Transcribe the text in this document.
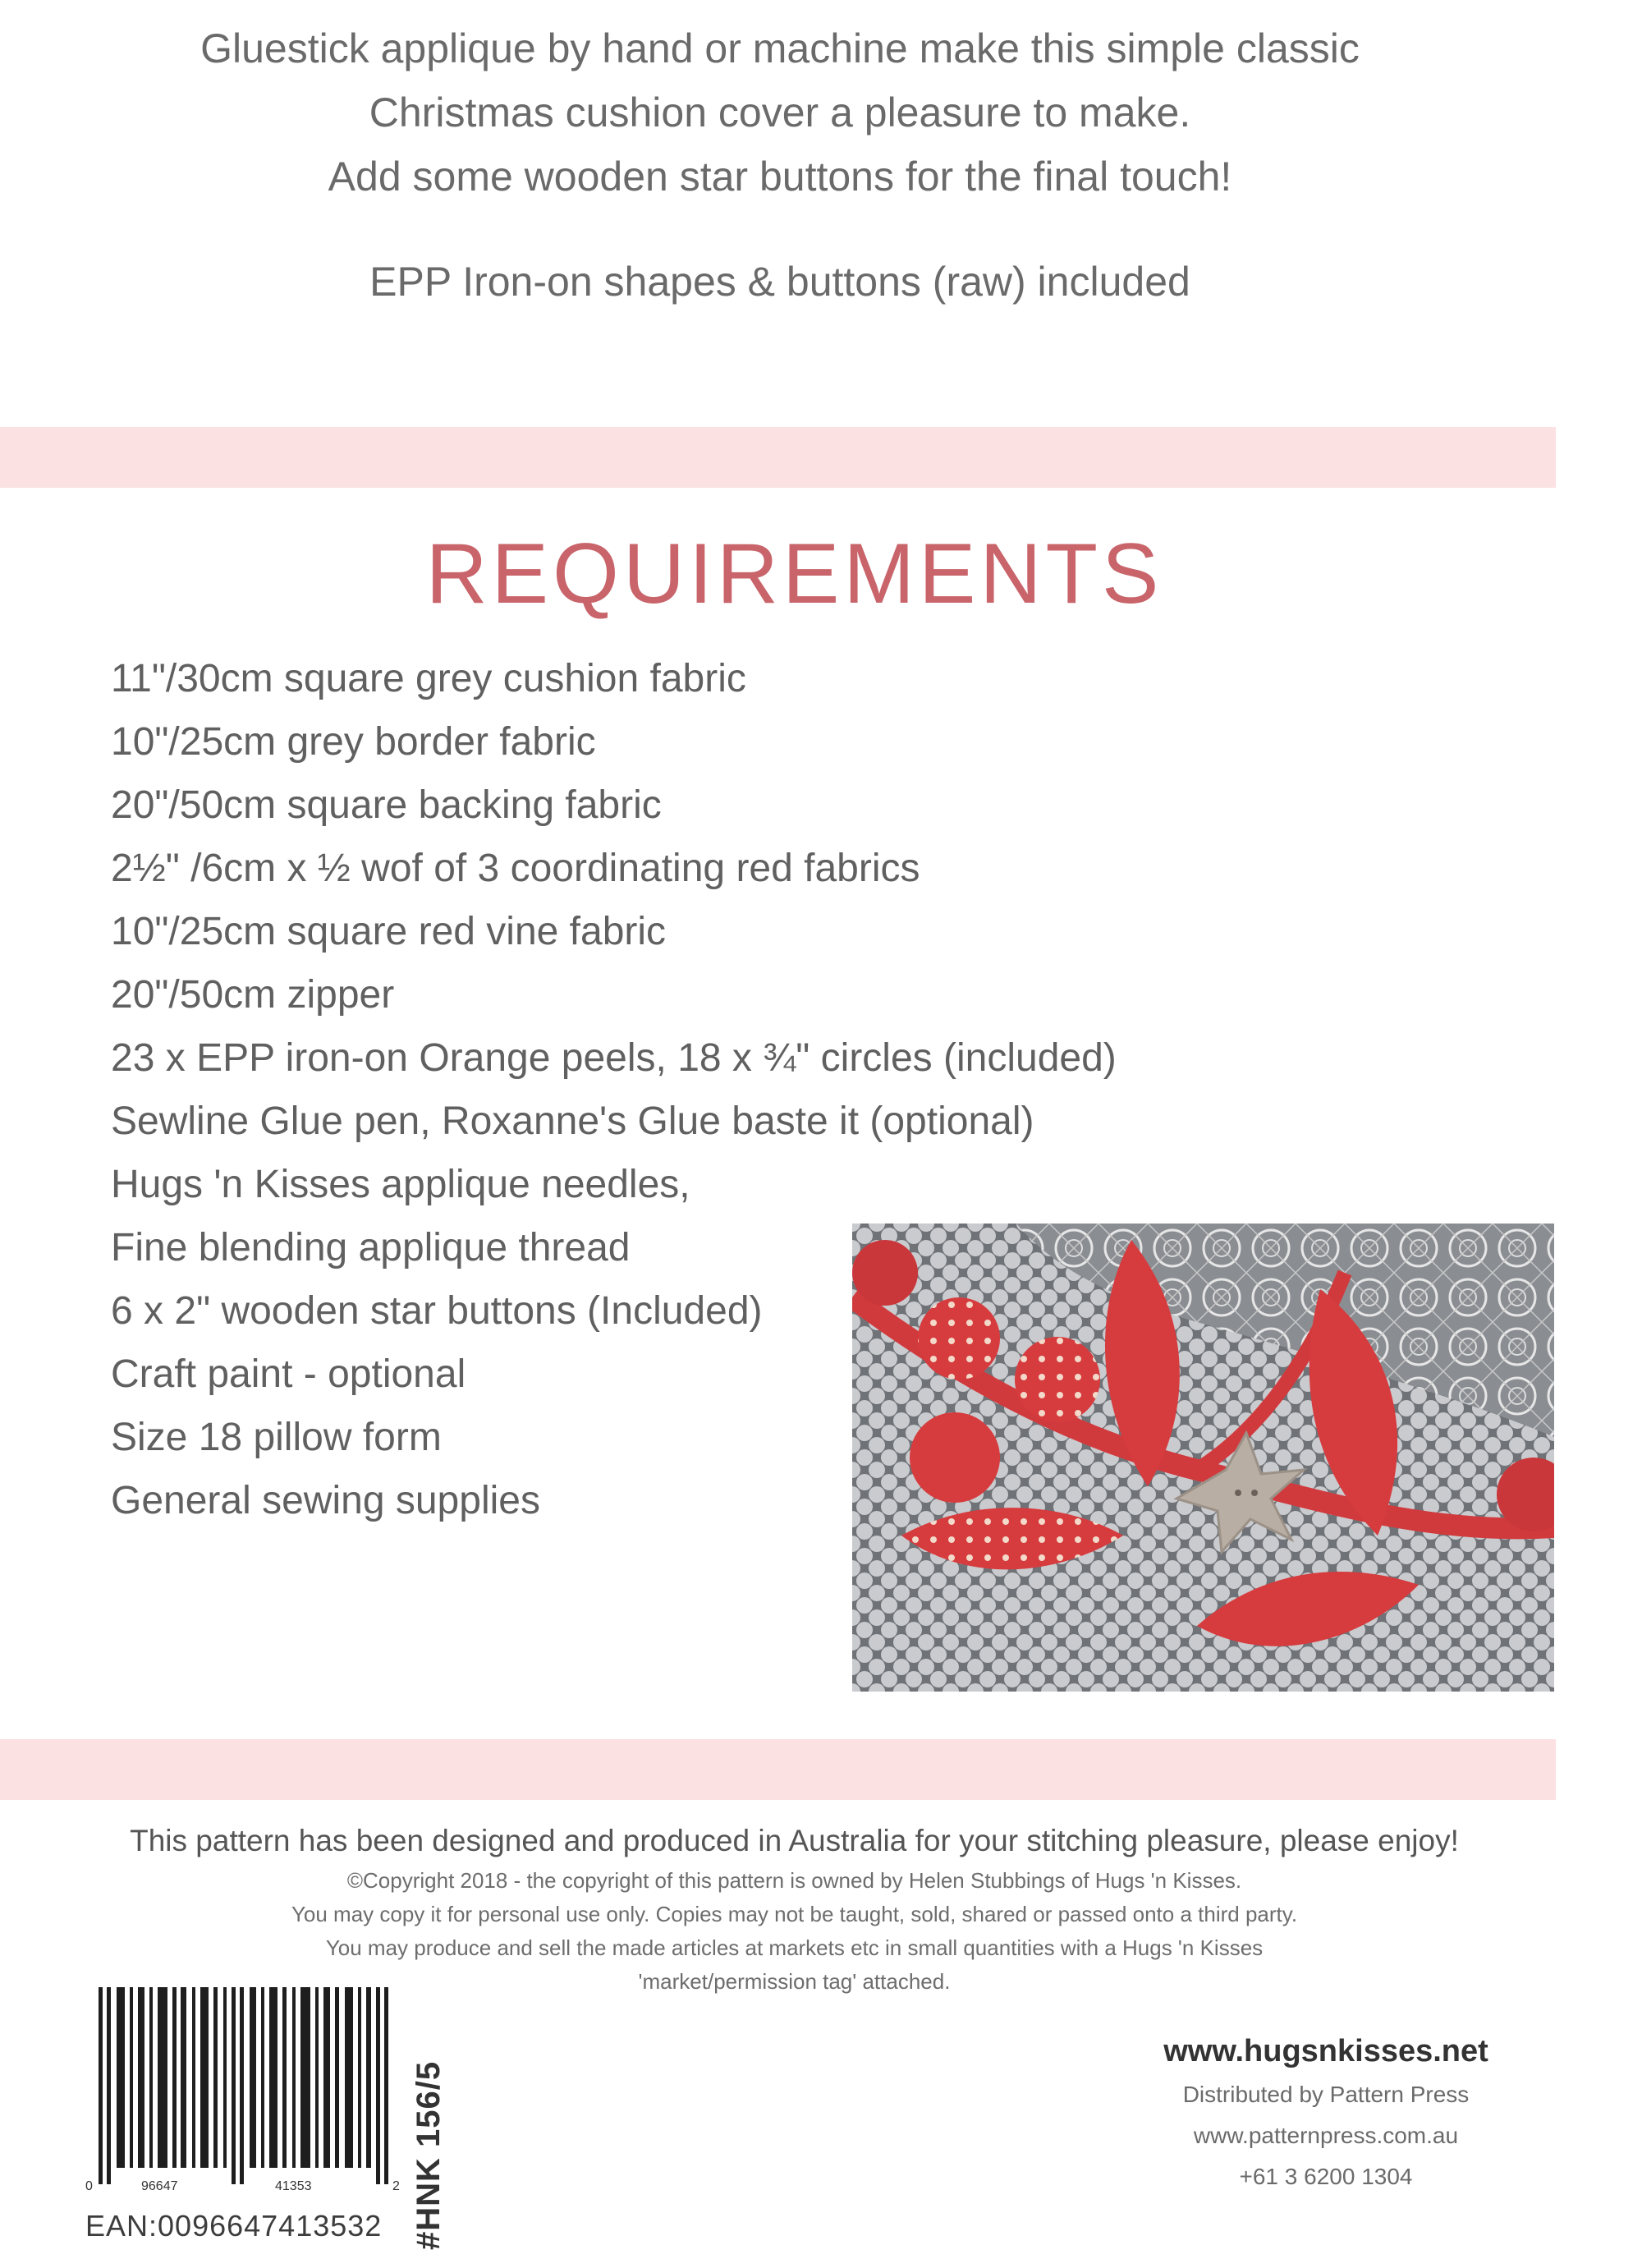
Gluestick applique by hand or machine make this simple classic
Christmas cushion cover a pleasure to make.
Add some wooden star buttons for the final touch!
EPP Iron-on shapes & buttons (raw) included
REQUIREMENTS
11"/30cm square grey cushion fabric
10"/25cm grey border fabric
20"/50cm square backing fabric
2½" /6cm x ½ wof of 3 coordinating red fabrics
10"/25cm square red vine fabric
20"/50cm zipper
23 x EPP iron-on Orange peels, 18 x ¾" circles (included)
Sewline Glue pen, Roxanne's Glue baste it (optional)
Hugs 'n Kisses applique needles,
Fine blending applique thread
6 x 2" wooden star buttons (Included)
Craft paint - optional
Size 18 pillow form
General sewing supplies
This pattern has been designed and produced in Australia for your stitching pleasure, please enjoy!
©Copyright 2018 - the copyright of this pattern is owned by Helen Stubbings of Hugs 'n Kisses.
You may copy it for personal use only. Copies may not be taught, sold, shared or passed onto a third party.
You may produce and sell the made articles at markets etc in small quantities with a Hugs 'n Kisses
'market/permission tag' attached.
0	96647	41353	2
EAN:0096647413532 #HNK 156/5
www.hugsnkisses.net
Distributed by Pattern Press
www.patternpress.com.au
+61 3 6200 1304
